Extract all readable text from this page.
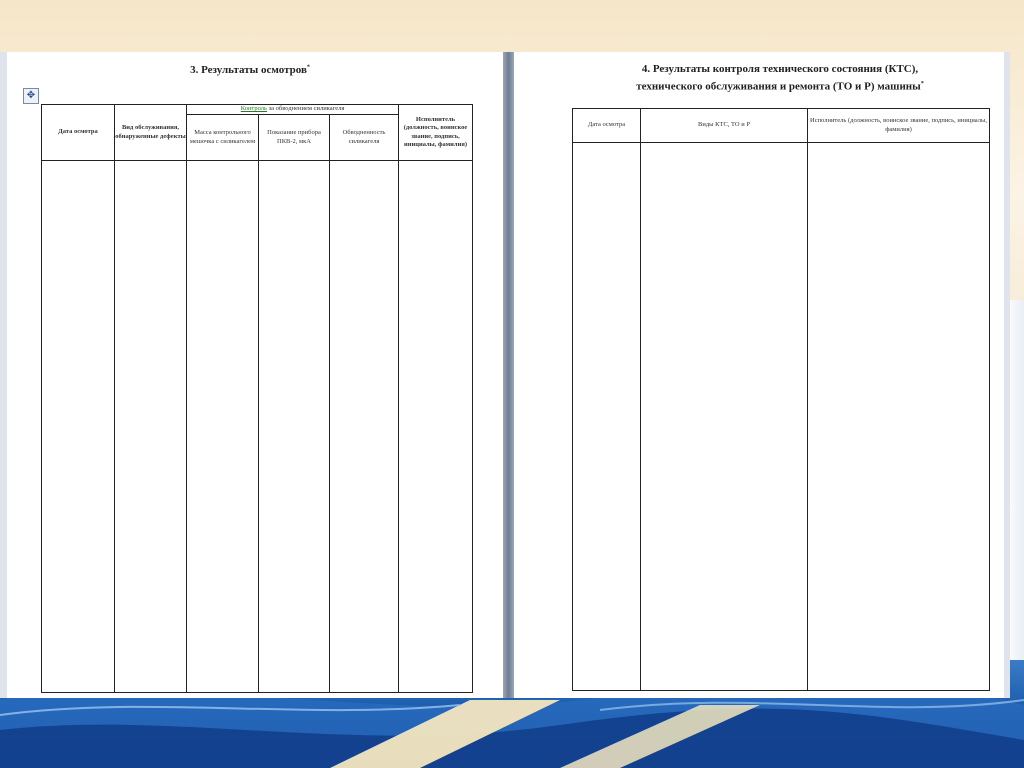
3. Результаты осмотров*
✥
Дата осмотра	Вид обслуживания, обнаруженные дефекты	Контроль за обводнением силикагеля			Исполнитель (должность, воинское звание, подпись, инициалы, фамилия)
		Масса контрольного мешочка с силикагелем	Показание прибора ПКВ-2, мкА	Обводненность силикагеля	

4. Результаты контроля технического состояния (КТС),
технического обслуживания и ремонта (ТО и Р) машины*
Дата осмотра	Виды КТС, ТО и Р	Исполнитель (должность, воинское звание, подпись, инициалы, фамилия)
